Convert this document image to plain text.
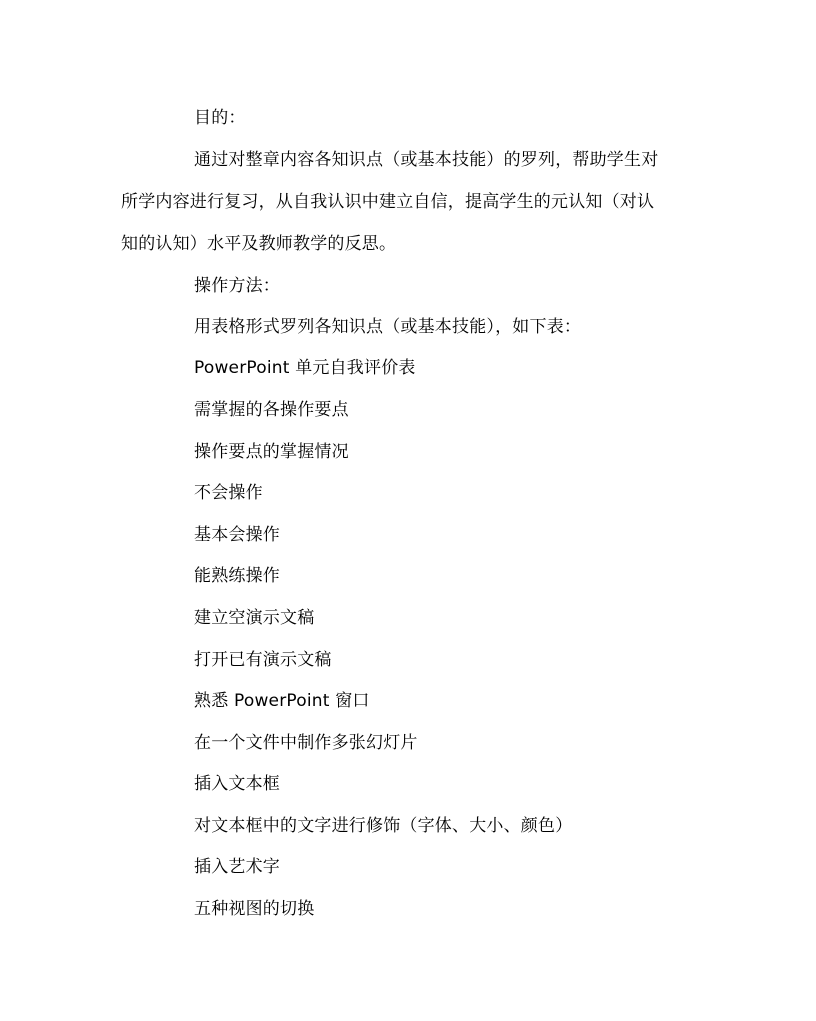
目的：
通过对整章内容各知识点（或基本技能）的罗列，帮助学生对
所学内容进行复习，从自我认识中建立自信，提高学生的元认知（对认
知的认知）水平及教师教学的反思。
操作方法：
用表格形式罗列各知识点（或基本技能），如下表：
PowerPoint 单元自我评价表
需掌握的各操作要点
操作要点的掌握情况
不会操作
基本会操作
能熟练操作
建立空演示文稿
打开已有演示文稿
熟悉 PowerPoint 窗口
在一个文件中制作多张幻灯片
插入文本框
对文本框中的文字进行修饰（字体、大小、颜色）
插入艺术字
五种视图的切换
